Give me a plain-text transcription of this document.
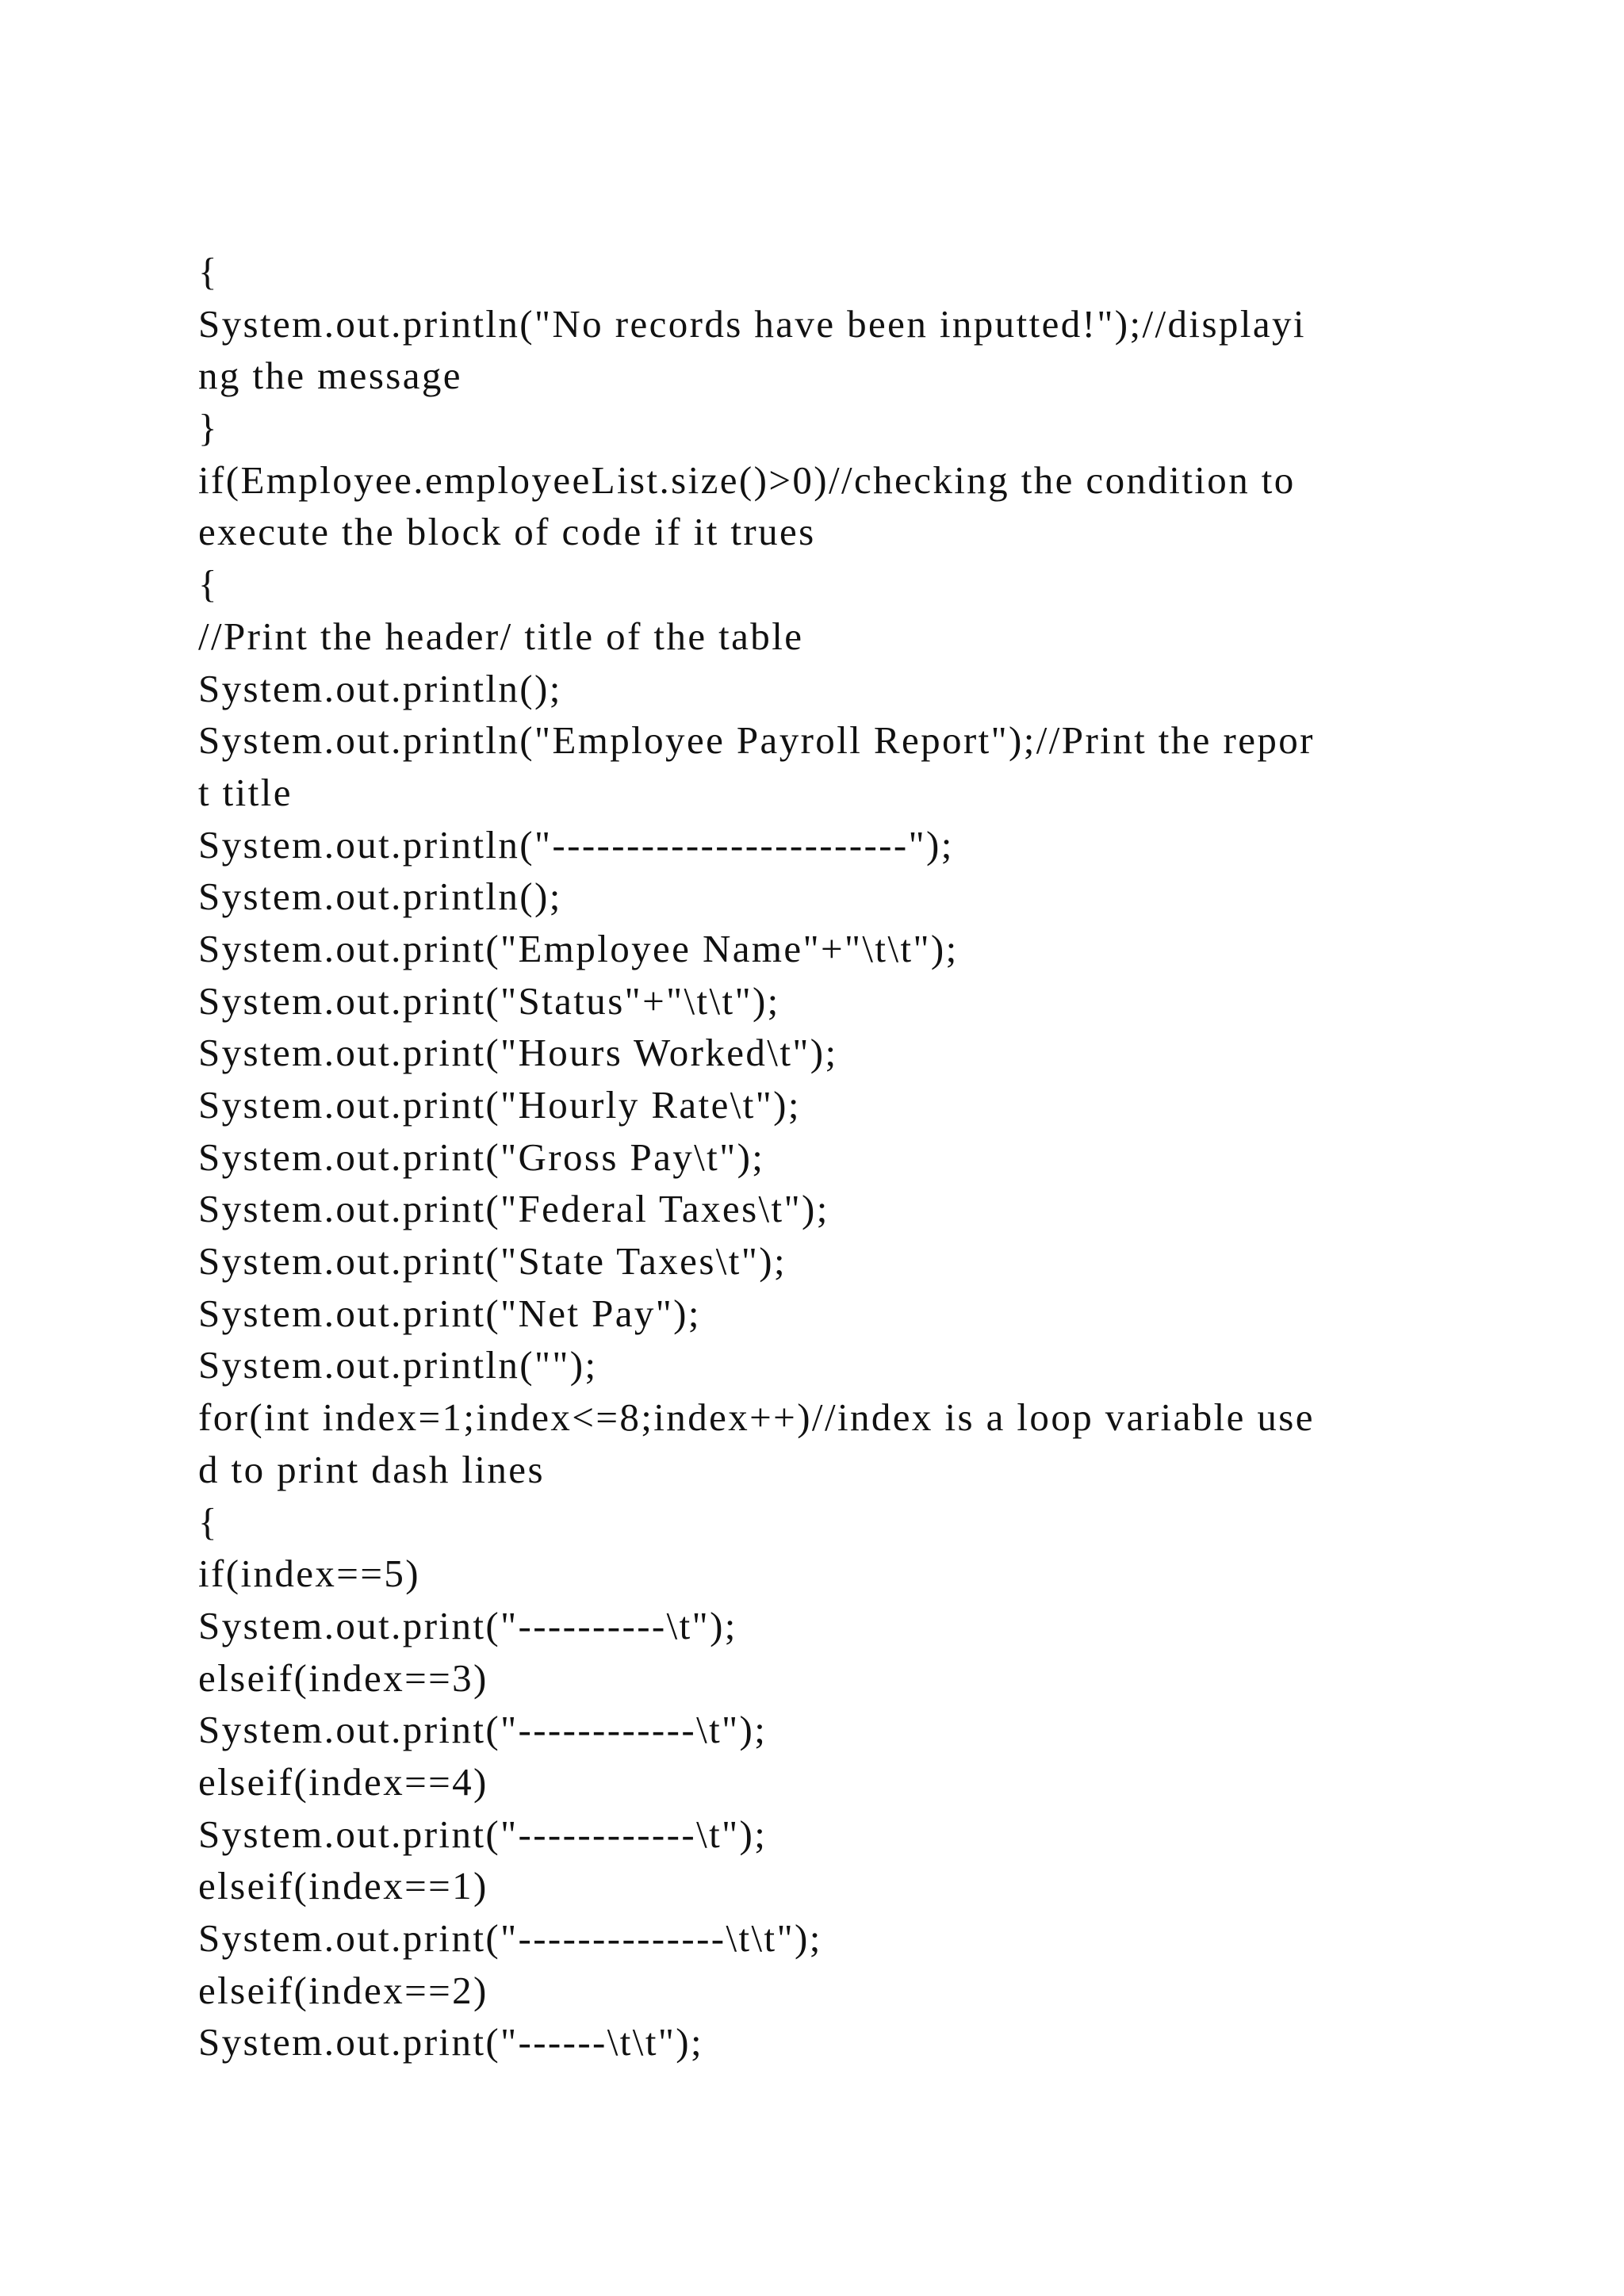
{
System.out.println("No records have been inputted!");//displayi
ng the message
}
if(Employee.employeeList.size()>0)//checking the condition to
execute the block of code if it trues
{
//Print the header/ title of the table
System.out.println();
System.out.println("Employee Payroll Report");//Print the repor
t title
System.out.println("------------------------");
System.out.println();
System.out.print("Employee Name"+"\t\t");
System.out.print("Status"+"\t\t");
System.out.print("Hours Worked\t");
System.out.print("Hourly Rate\t");
System.out.print("Gross Pay\t");
System.out.print("Federal Taxes\t");
System.out.print("State Taxes\t");
System.out.print("Net Pay");
System.out.println("");
for(int index=1;index<=8;index++)//index is a loop variable use
d to print dash lines
{
if(index==5)
System.out.print("----------\t");
elseif(index==3)
System.out.print("------------\t");
elseif(index==4)
System.out.print("------------\t");
elseif(index==1)
System.out.print("--------------\t\t");
elseif(index==2)
System.out.print("------\t\t");
